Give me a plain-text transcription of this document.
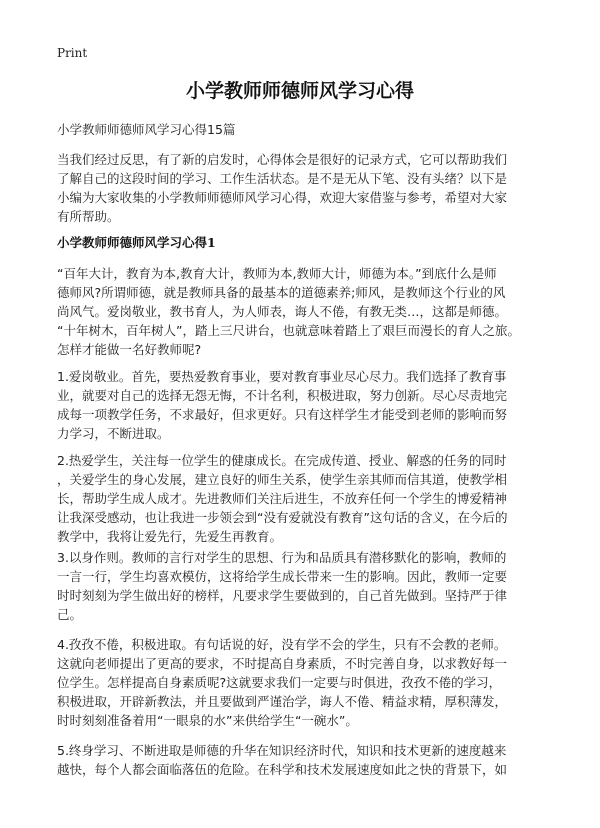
Print
小学教师师德师风学习心得
小学教师师德师风学习心得15篇

当我们经过反思，有了新的启发时，心得体会是很好的记录方式，它可以帮助我们
了解自己的这段时间的学习、工作生活状态。是不是无从下笔、没有头绪？以下是
小编为大家收集的小学教师师德师风学习心得，欢迎大家借鉴与参考，希望对大家
有所帮助。

小学教师师德师风学习心得1

“百年大计，教育为本,教育大计，教师为本,教师大计，师德为本。”到底什么是师
德师风?所谓师德，就是教师具备的最基本的道德素养;师风，是教师这个行业的风
尚风气。爱岗敬业，教书育人，为人师表，诲人不倦，有教无类…，这都是师德。
“十年树木，百年树人”，踏上三尺讲台，也就意味着踏上了艰巨而漫长的育人之旅。
怎样才能做一名好教师呢?

1.爱岗敬业。首先，要热爱教育事业，要对教育事业尽心尽力。我们选择了教育事
业，就要对自己的选择无怨无悔，不计名利，积极进取，努力创新。尽心尽责地完
成每一项教学任务，不求最好，但求更好。只有这样学生才能受到老师的影响而努
力学习，不断进取。

2.热爱学生，关注每一位学生的健康成长。在完成传道、授业、解惑的任务的同时
，关爱学生的身心发展，建立良好的师生关系，使学生亲其师而信其道，使教学相
长，帮助学生成人成才。先进教师们关注后进生，不放弃任何一个学生的博爱精神
让我深受感动，也让我进一步领会到“没有爱就没有教育”这句话的含义，在今后的
教学中，我将让爱先行，先爱生再教育。

3.以身作则。教师的言行对学生的思想、行为和品质具有潜移默化的影响，教师的
一言一行，学生均喜欢模仿，这将给学生成长带来一生的影响。因此，教师一定要
时时刻刻为学生做出好的榜样，凡要求学生要做到的，自己首先做到。坚持严于律
己。

4.孜孜不倦，积极进取。有句话说的好，没有学不会的学生，只有不会教的老师。
这就向老师提出了更高的要求，不时提高自身素质，不时完善自身，以求教好每一
位学生。怎样提高自身素质呢?这就要求我们一定要与时俱进，孜孜不倦的学习，
积极进取，开辟新教法，并且要做到严谨治学，诲人不倦、精益求精，厚积薄发，
时时刻刻准备着用“一眼泉的水”来供给学生“一碗水”。

5.终身学习、不断进取是师德的升华在知识经济时代，知识和技术更新的速度越来
越快，每个人都会面临落伍的危险。在科学和技术发展速度如此之快的背景下，如
